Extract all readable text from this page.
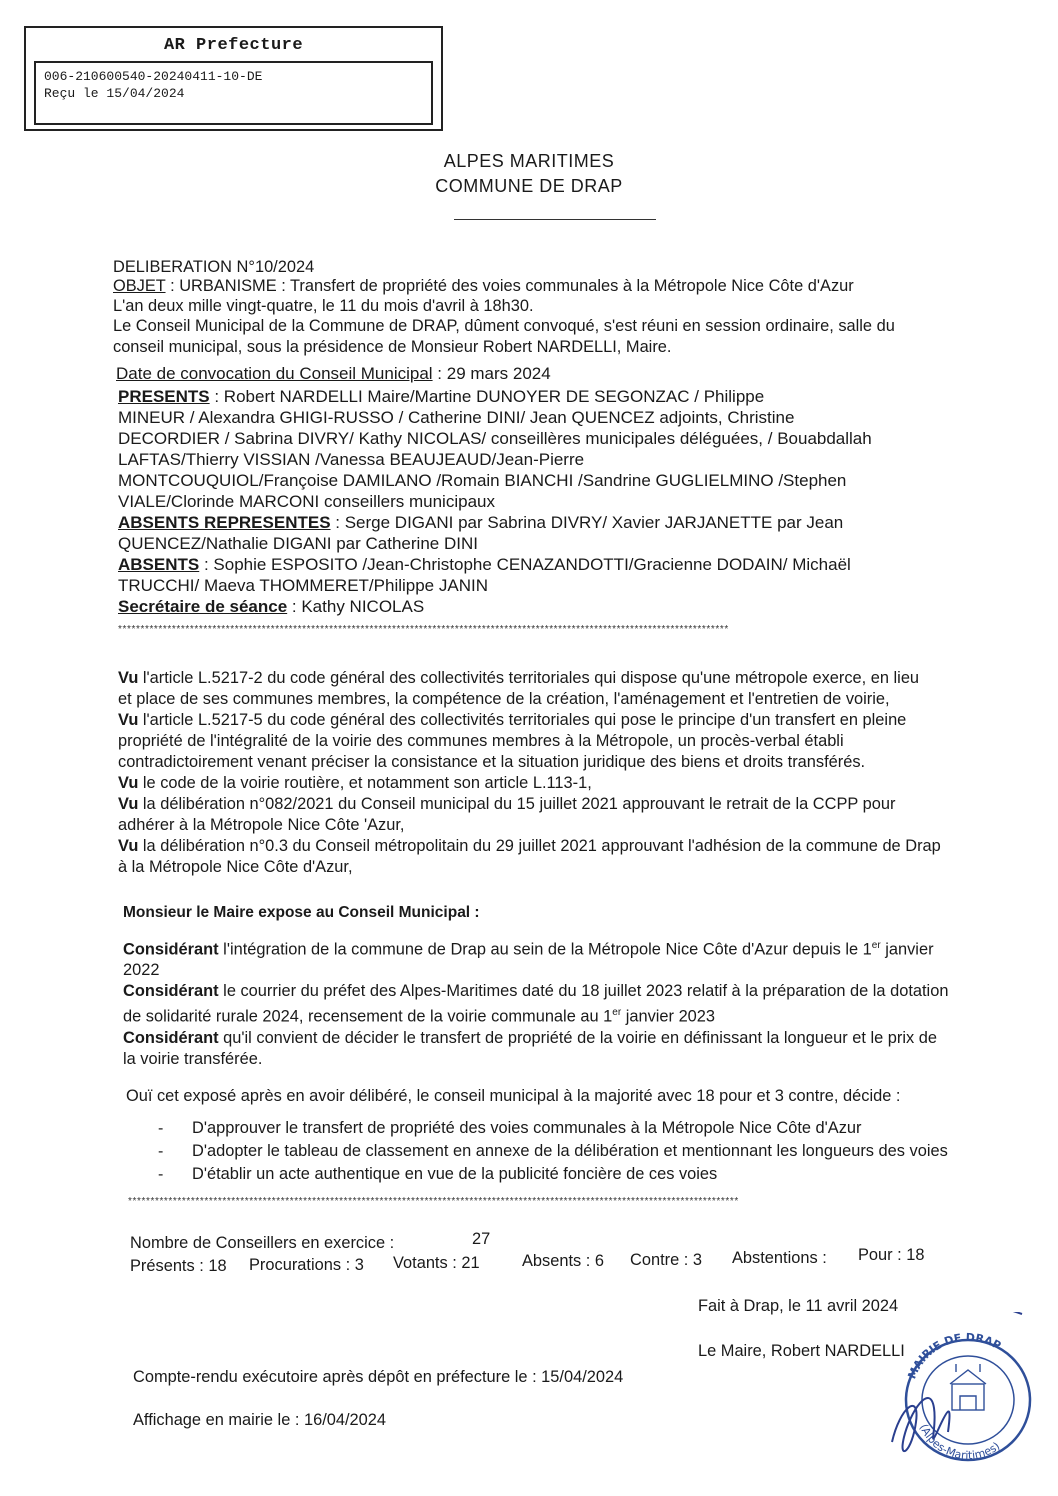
AR Prefecture
006-210600540-20240411-10-DE
Reçu le 15/04/2024
ALPES MARITIMES
COMMUNE DE DRAP
DELIBERATION N°10/2024
OBJET : URBANISME : Transfert de propriété des voies communales à la Métropole Nice Côte d'Azur
L'an deux mille vingt-quatre, le 11 du mois d'avril à 18h30.
Le Conseil Municipal de la Commune de DRAP, dûment convoqué, s'est réuni en session ordinaire, salle du
conseil municipal, sous la présidence de Monsieur Robert NARDELLI, Maire.
Date de convocation du Conseil Municipal : 29 mars 2024
PRESENTS : Robert NARDELLI Maire/Martine DUNOYER DE SEGONZAC / Philippe
MINEUR / Alexandra GHIGI-RUSSO / Catherine DINI/ Jean QUENCEZ adjoints, Christine
DECORDIER / Sabrina DIVRY/ Kathy NICOLAS/ conseillères municipales déléguées, / Bouabdallah
LAFTAS/Thierry VISSIAN /Vanessa BEAUJEAUD/Jean-Pierre
MONTCOUQUIOL/Françoise DAMILANO /Romain BIANCHI /Sandrine GUGLIELMINO /Stephen
VIALE/Clorinde MARCONI conseillers municipaux
ABSENTS REPRESENTES : Serge DIGANI par Sabrina DIVRY/ Xavier JARJANETTE par Jean
QUENCEZ/Nathalie DIGANI par Catherine DINI
ABSENTS : Sophie ESPOSITO /Jean-Christophe CENAZANDOTTI/Gracienne DODAIN/ Michaël
TRUCCHI/ Maeva THOMMERET/Philippe JANIN
Secrétaire de séance : Kathy NICOLAS
****************************************************************************************************************************************
Vu l'article L.5217-2 du code général des collectivités territoriales qui dispose qu'une métropole exerce, en lieu
et place de ses communes membres, la compétence de la création, l'aménagement et l'entretien de voirie,
Vu l'article L.5217-5 du code général des collectivités territoriales qui pose le principe d'un transfert en pleine
propriété de l'intégralité de la voirie des communes membres à la Métropole, un procès-verbal établi
contradictoirement venant préciser la consistance et la situation juridique des biens et droits transférés.
Vu le code de la voirie routière, et notamment son article L.113-1,
Vu la délibération n°082/2021 du Conseil municipal du 15 juillet 2021 approuvant le retrait de la CCPP pour
adhérer à la Métropole Nice Côte 'Azur,
Vu la délibération n°0.3 du Conseil métropolitain du 29 juillet 2021 approuvant l'adhésion de la commune de Drap
à la Métropole Nice Côte d'Azur,
Monsieur le Maire expose au Conseil Municipal :
Considérant l'intégration de la commune de Drap au sein de la Métropole Nice Côte d'Azur depuis le 1er janvier
2022
Considérant le courrier du préfet des Alpes-Maritimes daté du 18 juillet 2023 relatif à la préparation de la dotation
de solidarité rurale 2024, recensement de la voirie communale au 1er janvier 2023
Considérant qu'il convient de décider le transfert de propriété de la voirie en définissant la longueur et le prix de
la voirie transférée.
Ouï cet exposé après en avoir délibéré, le conseil municipal à la majorité avec 18 pour et 3 contre, décide :
- D'approuver le transfert de propriété des voies communales à la Métropole Nice Côte d'Azur
- D'adopter le tableau de classement en annexe de la délibération et mentionnant les longueurs des voies
- D'établir un acte authentique en vue de la publicité foncière de ces voies
****************************************************************************************************************************************
Nombre de Conseillers en exercice :	27
Présents : 18 Procurations : 3 Votants : 21	Absents : 6 Contre : 3 Abstentions : Pour : 18
Fait à Drap, le 11 avril 2024
Le Maire, Robert NARDELLI
Compte-rendu exécutoire après dépôt en préfecture le : 15/04/2024
Affichage en mairie le : 16/04/2024
MAIRIE DE DRAP
(Alpes-Maritimes)
